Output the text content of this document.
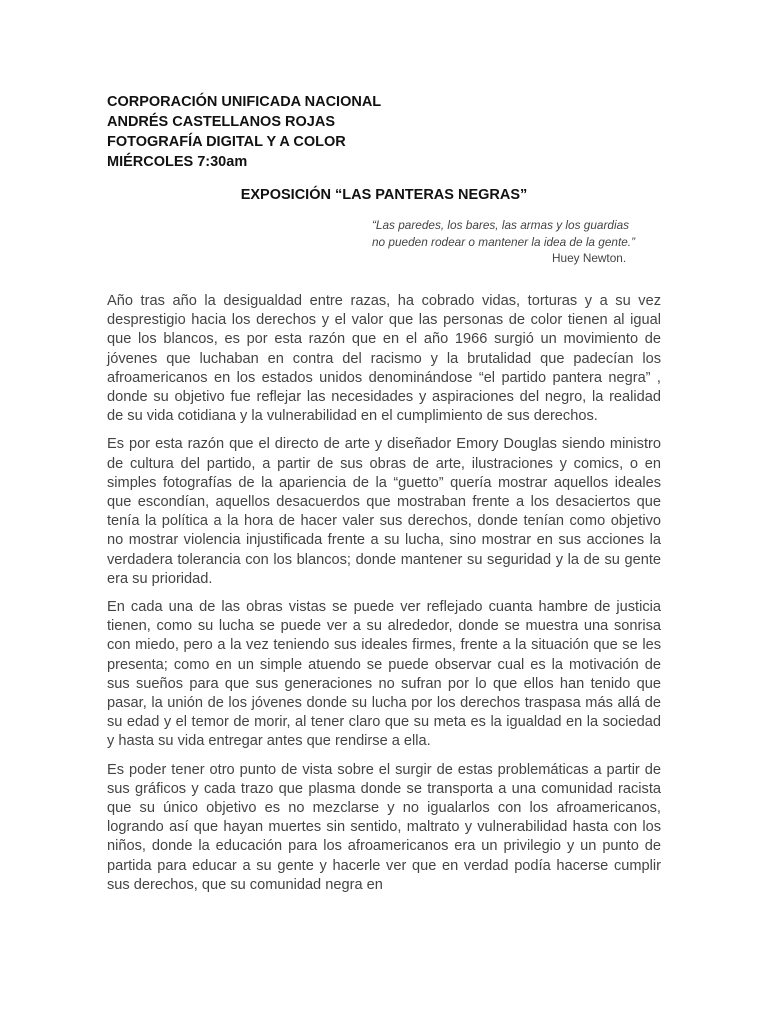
CORPORACIÓN UNIFICADA NACIONAL
ANDRÉS CASTELLANOS ROJAS
FOTOGRAFÍA DIGITAL Y A COLOR
MIÉRCOLES 7:30am
EXPOSICIÓN “LAS PANTERAS NEGRAS”
“Las paredes, los bares, las armas y los guardias
no pueden rodear o mantener la idea de la gente.”
Huey Newton.

Año tras año la desigualdad entre razas, ha cobrado vidas, torturas y a su vez desprestigio hacia los derechos y el valor que las personas de color tienen al igual que los blancos, es por esta razón que en el año 1966 surgió un movimiento de jóvenes que luchaban en contra del racismo y la brutalidad que padecían los afroamericanos en los estados unidos denominándose “el partido pantera negra” , donde su objetivo fue reflejar las necesidades y aspiraciones del negro, la realidad de su vida cotidiana y la vulnerabilidad en el cumplimiento de sus derechos.

Es por esta razón que el directo de arte y diseñador Emory Douglas siendo ministro de cultura del partido, a partir de sus obras de arte, ilustraciones y comics, o en simples fotografías de la apariencia de la “guetto” quería mostrar aquellos ideales que escondían, aquellos desacuerdos que mostraban frente a los desaciertos que tenía la política a la hora de hacer valer sus derechos, donde tenían como objetivo no mostrar violencia injustificada frente a su lucha, sino mostrar en sus acciones la verdadera tolerancia con los blancos; donde mantener su seguridad y la de su gente era su prioridad.

En cada una de las obras vistas se puede ver reflejado cuanta hambre de justicia tienen, como su lucha se puede ver a su alrededor, donde se muestra una sonrisa con miedo, pero a la vez teniendo sus ideales firmes, frente a la situación que se les presenta; como en un simple atuendo se puede observar cual es la motivación de sus sueños para que sus generaciones no sufran por lo que ellos han tenido que pasar, la unión de los jóvenes donde su lucha por los derechos traspasa más allá de su edad y el temor de morir, al tener claro que su meta es la igualdad en la sociedad y hasta su vida entregar antes que rendirse a ella.

Es poder tener otro punto de vista sobre el surgir de estas problemáticas a partir de sus gráficos y cada trazo que plasma donde se transporta a una comunidad racista que su único objetivo es no mezclarse y no igualarlos con los afroamericanos, logrando así que hayan muertes sin sentido, maltrato y vulnerabilidad hasta con los niños, donde la educación para los afroamericanos era un privilegio y un punto de partida para educar a su gente y hacerle ver que en verdad podía hacerse cumplir sus derechos, que su comunidad negra en
